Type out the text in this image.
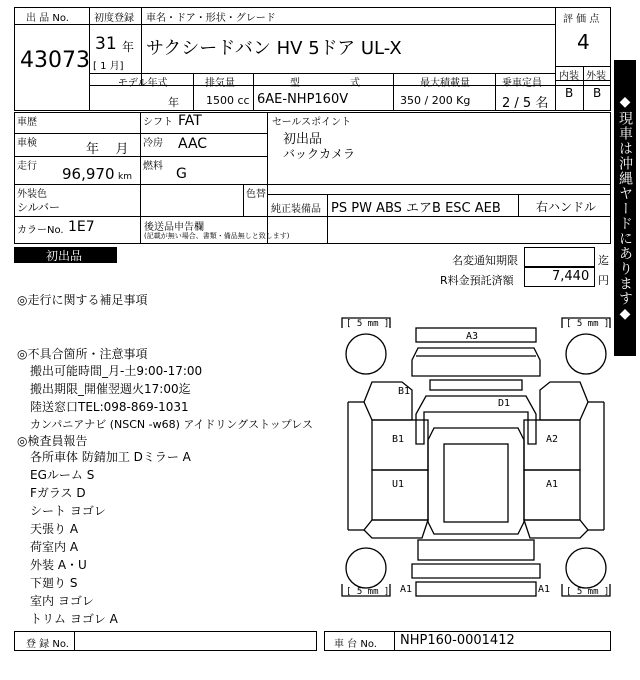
出 品 No.
43073
初度登録
31 年
[ 1 月]
車名・ドア・形状・グレード
サクシードバン HV 5ドア UL-X
モデル年式
年
排気量
1500 cc
型	式
6AE-NHP160V
最大積載量
350 / 200 Kg
乗車定員
2 / 5 名
評 価 点
4
内装 外装
B B
車歴	シフト FAT
車検	年    月 冷房 AAC
走行 96,970 km
燃料 G
セールスポイント
初出品
バックカメラ
外装色
シルバー
色替
純正装備品 PS PW ABS エアB ESC AEB	右ハンドル
カラーNo. 1E7	後送品申告欄
(記載が無い場合、書類・備品無しと致します)
初出品	◆現車は沖縄ヤードにあります◆
名変通知期限	迄
R料金預託済額	7,440 円
◎走行に関する補足事項
◎不具合箇所・注意事項
搬出可能時間_月-土9:00-17:00
搬出期限_開催翌週火17:00迄
陸送窓口TEL:098-869-1031
カンパニアナビ (NSCN -w68) アイドリングストップレス
◎検査員報告
各所車体 防錆加工 Dミラー A
EGルーム S
Fガラス D
シート ヨゴレ
天張り A
荷室内 A
外装 A・U
下廻り S
室内 ヨゴレ
トリム ヨゴレ A
[ 5 mm ]	[ 5 mm ]
[ 5 mm ]	[ 5 mm ]
A3
B1
D1
B1	A2
U1	A1
A1	A1
登 録 No.	車 台 No. NHP160-0001412
